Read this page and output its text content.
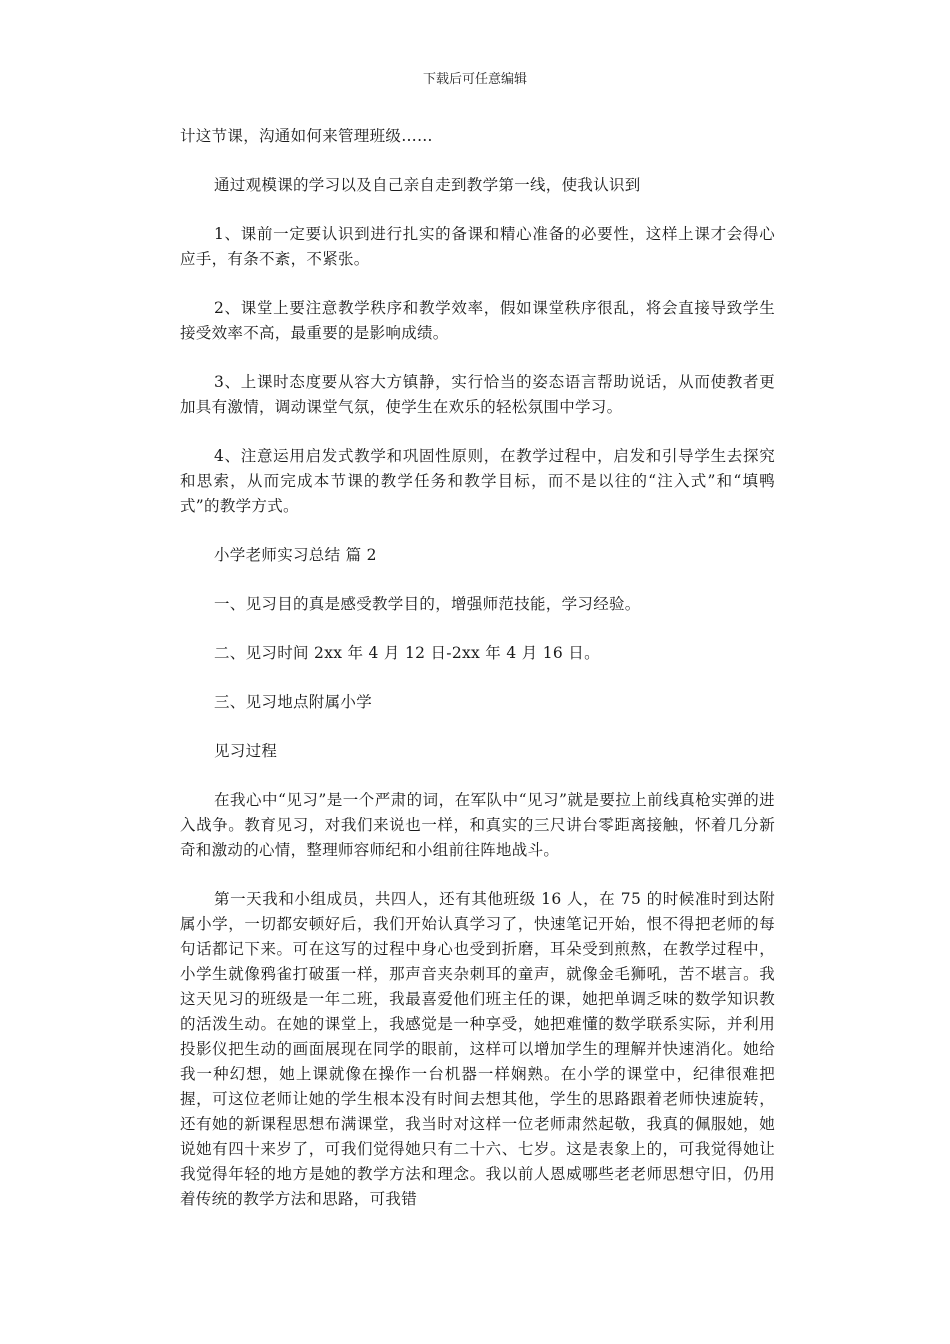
下载后可任意编辑

计这节课，沟通如何来管理班级……

通过观模课的学习以及自己亲自走到教学第一线，使我认识到

1、课前一定要认识到进行扎实的备课和精心准备的必要性，这样上课才会得心应手，有条不紊，不紧张。

2、课堂上要注意教学秩序和教学效率，假如课堂秩序很乱，将会直接导致学生接受效率不高，最重要的是影响成绩。

3、上课时态度要从容大方镇静，实行恰当的姿态语言帮助说话，从而使教者更加具有激情，调动课堂气氛，使学生在欢乐的轻松氛围中学习。

4、注意运用启发式教学和巩固性原则，在教学过程中，启发和引导学生去探究和思索，从而完成本节课的教学任务和教学目标，而不是以往的“注入式”和“填鸭式”的教学方式。

小学老师实习总结 篇 2

一、见习目的真是感受教学目的，增强师范技能，学习经验。

二、见习时间 2xx 年 4 月 12 日-2xx 年 4 月 16 日。

三、见习地点附属小学

见习过程

在我心中“见习”是一个严肃的词，在军队中“见习”就是要拉上前线真枪实弹的进入战争。教育见习，对我们来说也一样，和真实的三尺讲台零距离接触，怀着几分新奇和激动的心情，整理师容师纪和小组前往阵地战斗。

第一天我和小组成员，共四人，还有其他班级 16 人，在 75 的时候准时到达附属小学，一切都安顿好后，我们开始认真学习了，快速笔记开始，恨不得把老师的每句话都记下来。可在这写的过程中身心也受到折磨，耳朵受到煎熬，在教学过程中，小学生就像鸦雀打破蛋一样，那声音夹杂刺耳的童声，就像金毛狮吼，苦不堪言。我这天见习的班级是一年二班，我最喜爱他们班主任的课，她把单调乏味的数学知识教的活泼生动。在她的课堂上，我感觉是一种享受，她把难懂的数学联系实际，并利用投影仪把生动的画面展现在同学的眼前，这样可以增加学生的理解并快速消化。她给我一种幻想，她上课就像在操作一台机器一样娴熟。在小学的课堂中，纪律很难把握，可这位老师让她的学生根本没有时间去想其他，学生的思路跟着老师快速旋转，还有她的新课程思想布满课堂，我当时对这样一位老师肃然起敬，我真的佩服她，她说她有四十来岁了，可我们觉得她只有二十六、七岁。这是表象上的，可我觉得她让我觉得年轻的地方是她的教学方法和理念。我以前人恩威哪些老老师思想守旧，仍用着传统的教学方法和思路，可我错
